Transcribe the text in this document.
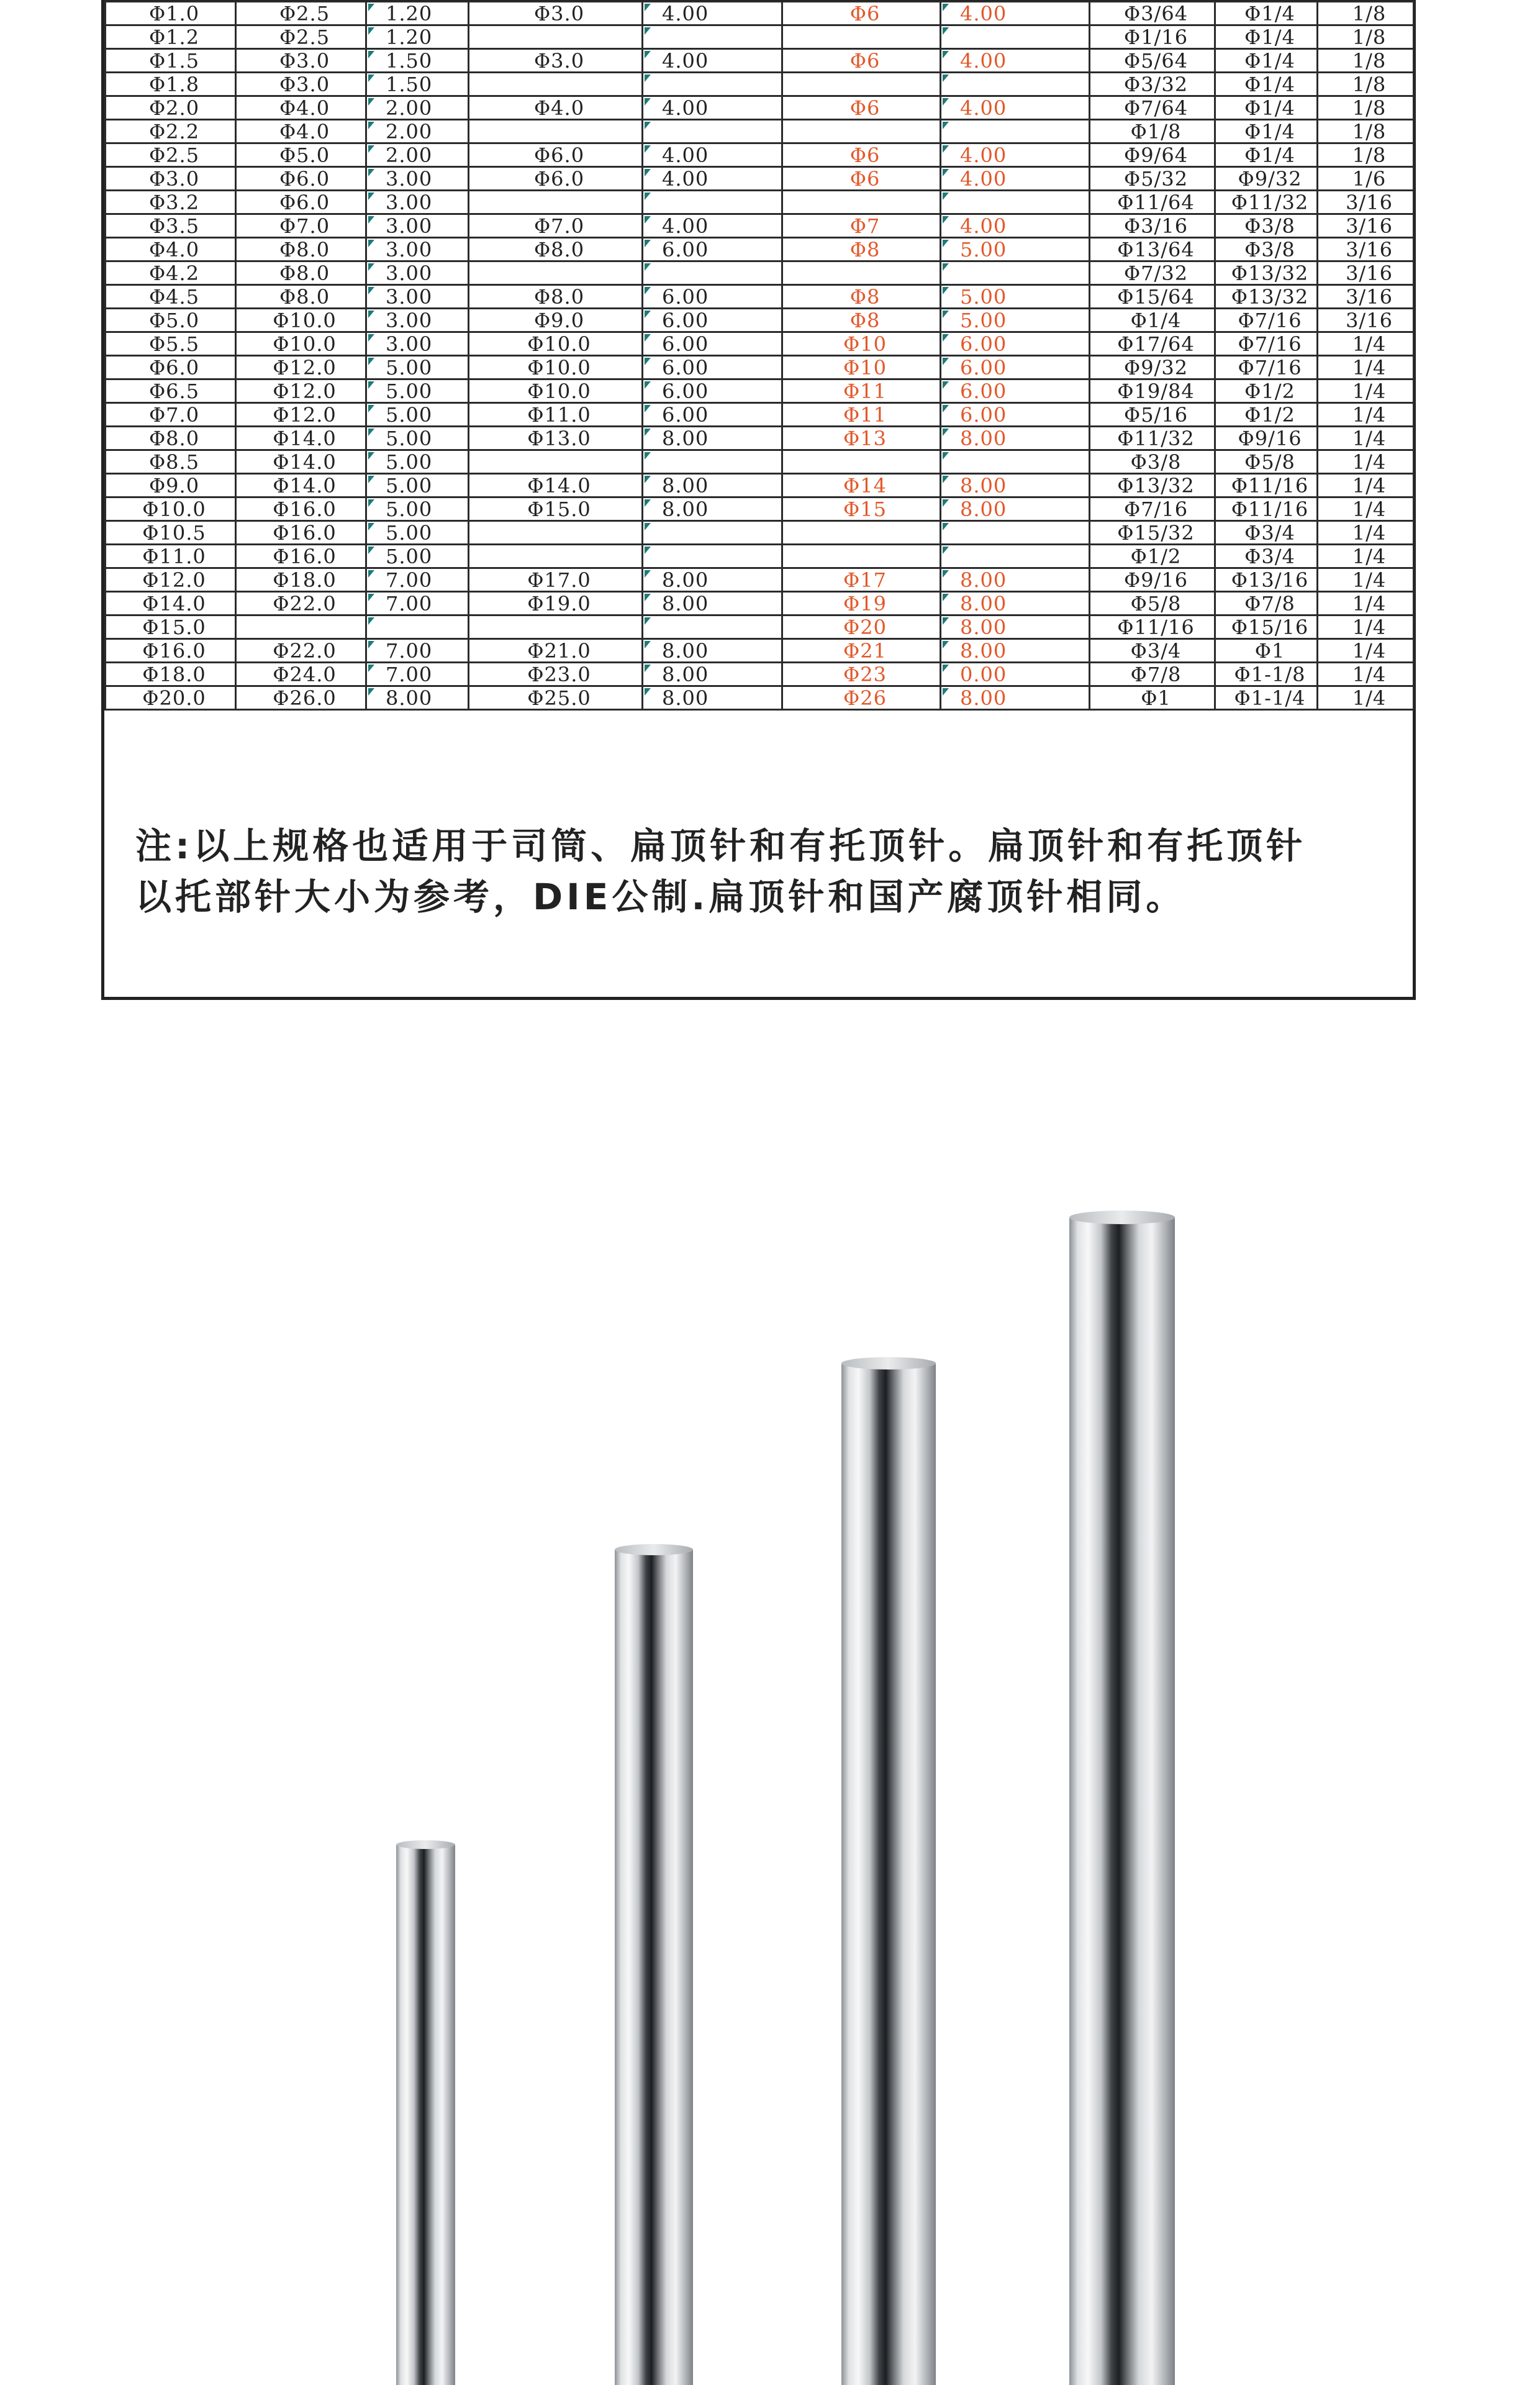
Φ1.0	Φ2.5	1.20	Φ3.0	4.00	Φ6	4.00	Φ3/64	Φ1/4	1/8
Φ1.2	Φ2.5	1.20					Φ1/16	Φ1/4	1/8
Φ1.5	Φ3.0	1.50	Φ3.0	4.00	Φ6	4.00	Φ5/64	Φ1/4	1/8
Φ1.8	Φ3.0	1.50					Φ3/32	Φ1/4	1/8
Φ2.0	Φ4.0	2.00	Φ4.0	4.00	Φ6	4.00	Φ7/64	Φ1/4	1/8
Φ2.2	Φ4.0	2.00					Φ1/8	Φ1/4	1/8
Φ2.5	Φ5.0	2.00	Φ6.0	4.00	Φ6	4.00	Φ9/64	Φ1/4	1/8
Φ3.0	Φ6.0	3.00	Φ6.0	4.00	Φ6	4.00	Φ5/32	Φ9/32	1/6
Φ3.2	Φ6.0	3.00					Φ11/64	Φ11/32	3/16
Φ3.5	Φ7.0	3.00	Φ7.0	4.00	Φ7	4.00	Φ3/16	Φ3/8	3/16
Φ4.0	Φ8.0	3.00	Φ8.0	6.00	Φ8	5.00	Φ13/64	Φ3/8	3/16
Φ4.2	Φ8.0	3.00					Φ7/32	Φ13/32	3/16
Φ4.5	Φ8.0	3.00	Φ8.0	6.00	Φ8	5.00	Φ15/64	Φ13/32	3/16
Φ5.0	Φ10.0	3.00	Φ9.0	6.00	Φ8	5.00	Φ1/4	Φ7/16	3/16
Φ5.5	Φ10.0	3.00	Φ10.0	6.00	Φ10	6.00	Φ17/64	Φ7/16	1/4
Φ6.0	Φ12.0	5.00	Φ10.0	6.00	Φ10	6.00	Φ9/32	Φ7/16	1/4
Φ6.5	Φ12.0	5.00	Φ10.0	6.00	Φ11	6.00	Φ19/84	Φ1/2	1/4
Φ7.0	Φ12.0	5.00	Φ11.0	6.00	Φ11	6.00	Φ5/16	Φ1/2	1/4
Φ8.0	Φ14.0	5.00	Φ13.0	8.00	Φ13	8.00	Φ11/32	Φ9/16	1/4
Φ8.5	Φ14.0	5.00					Φ3/8	Φ5/8	1/4
Φ9.0	Φ14.0	5.00	Φ14.0	8.00	Φ14	8.00	Φ13/32	Φ11/16	1/4
Φ10.0	Φ16.0	5.00	Φ15.0	8.00	Φ15	8.00	Φ7/16	Φ11/16	1/4
Φ10.5	Φ16.0	5.00					Φ15/32	Φ3/4	1/4
Φ11.0	Φ16.0	5.00					Φ1/2	Φ3/4	1/4
Φ12.0	Φ18.0	7.00	Φ17.0	8.00	Φ17	8.00	Φ9/16	Φ13/16	1/4
Φ14.0	Φ22.0	7.00	Φ19.0	8.00	Φ19	8.00	Φ5/8	Φ7/8	1/4
Φ15.0					Φ20	8.00	Φ11/16	Φ15/16	1/4
Φ16.0	Φ22.0	7.00	Φ21.0	8.00	Φ21	8.00	Φ3/4	Φ1	1/4
Φ18.0	Φ24.0	7.00	Φ23.0	8.00	Φ23	0.00	Φ7/8	Φ1-1/8	1/4
Φ20.0	Φ26.0	8.00	Φ25.0	8.00	Φ26	8.00	Φ1	Φ1-1/4	1/4

注:以上规格也适用于司筒、扁顶针和有托顶针。扁顶针和有托顶针
以托部针大小为参考，DIE公制.扁顶针和国产腐顶针相同。
